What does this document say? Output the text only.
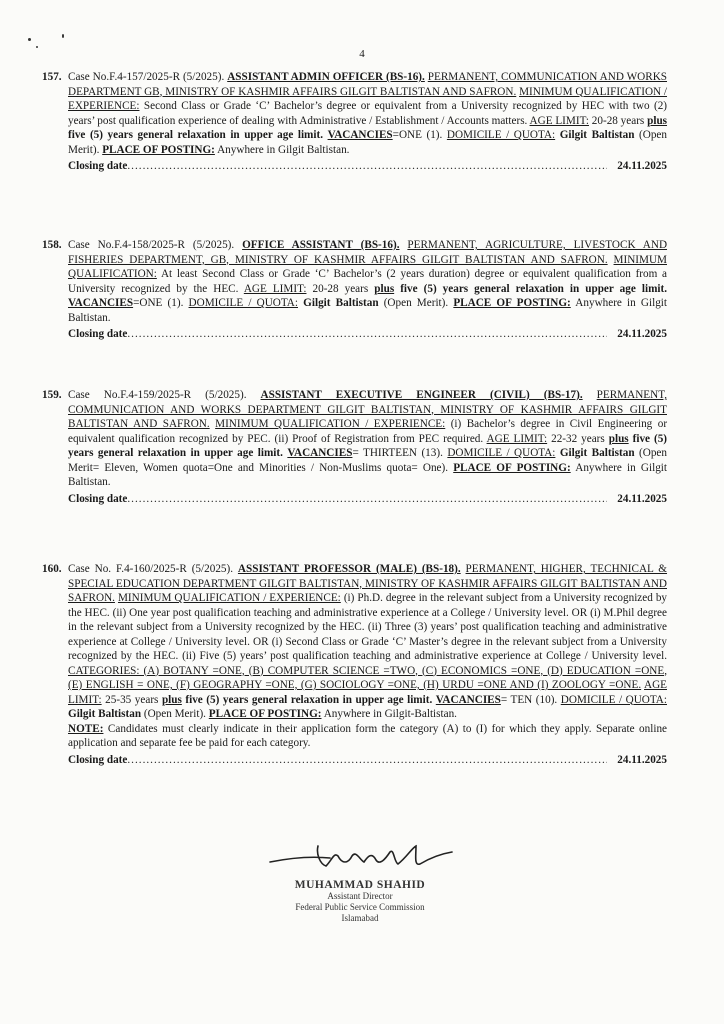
4
157. Case No.F.4-157/2025-R (5/2025). ASSISTANT ADMIN OFFICER (BS-16). PERMANENT, COMMUNICATION AND WORKS DEPARTMENT GB, MINISTRY OF KASHMIR AFFAIRS GILGIT BALTISTAN AND SAFRON. MINIMUM QUALIFICATION / EXPERIENCE: Second Class or Grade ‘C’ Bachelor’s degree or equivalent from a University recognized by HEC with two (2) years’ post qualification experience of dealing with Administrative / Establishment / Accounts matters. AGE LIMIT: 20-28 years plus five (5) years general relaxation in upper age limit. VACANCIES=ONE (1). DOMICILE / QUOTA: Gilgit Baltistan (Open Merit). PLACE OF POSTING: Anywhere in Gilgit Baltistan.
Closing date .....	24.11.2025
158. Case No.F.4-158/2025-R (5/2025). OFFICE ASSISTANT (BS-16). PERMANENT, AGRICULTURE, LIVESTOCK AND FISHERIES DEPARTMENT, GB, MINISTRY OF KASHMIR AFFAIRS GILGIT BALTISTAN AND SAFRON. MINIMUM QUALIFICATION: At least Second Class or Grade ‘C’ Bachelor’s (2 years duration) degree or equivalent qualification from a University recognized by the HEC. AGE LIMIT: 20-28 years plus five (5) years general relaxation in upper age limit. VACANCIES=ONE (1). DOMICILE / QUOTA: Gilgit Baltistan (Open Merit). PLACE OF POSTING: Anywhere in Gilgit Baltistan.
Closing date .....	24.11.2025
159. Case No.F.4-159/2025-R (5/2025). ASSISTANT EXECUTIVE ENGINEER (CIVIL) (BS-17). PERMANENT, COMMUNICATION AND WORKS DEPARTMENT GILGIT BALTISTAN, MINISTRY OF KASHMIR AFFAIRS GILGIT BALTISTAN AND SAFRON. MINIMUM QUALIFICATION / EXPERIENCE: (i) Bachelor’s degree in Civil Engineering or equivalent qualification recognized by PEC. (ii) Proof of Registration from PEC required. AGE LIMIT: 22-32 years plus five (5) years general relaxation in upper age limit. VACANCIES= THIRTEEN (13). DOMICILE / QUOTA: Gilgit Baltistan (Open Merit= Eleven, Women quota=One and Minorities / Non-Muslims quota= One). PLACE OF POSTING: Anywhere in Gilgit Baltistan.
Closing date .....	24.11.2025
160. Case No. F.4-160/2025-R (5/2025). ASSISTANT PROFESSOR (MALE) (BS-18). PERMANENT, HIGHER, TECHNICAL & SPECIAL EDUCATION DEPARTMENT GILGIT BALTISTAN, MINISTRY OF KASHMIR AFFAIRS GILGIT BALTISTAN AND SAFRON. MINIMUM QUALIFICATION / EXPERIENCE: (i) Ph.D. degree in the relevant subject from a University recognized by the HEC. (ii) One year post qualification teaching and administrative experience at a College / University level. OR (i) M.Phil degree in the relevant subject from a University recognized by the HEC. (ii) Three (3) years’ post qualification teaching and administrative experience at College / University level. OR (i) Second Class or Grade ‘C’ Master’s degree in the relevant subject from a University recognized by the HEC. (ii) Five (5) years’ post qualification teaching and administrative experience at College / University level. CATEGORIES: (A) BOTANY =ONE, (B) COMPUTER SCIENCE =TWO, (C) ECONOMICS =ONE, (D) EDUCATION =ONE, (E) ENGLISH = ONE, (F) GEOGRAPHY =ONE, (G) SOCIOLOGY =ONE, (H) URDU =ONE AND (I) ZOOLOGY =ONE. AGE LIMIT: 25-35 years plus five (5) years general relaxation in upper age limit. VACANCIES= TEN (10). DOMICILE / QUOTA: Gilgit Baltistan (Open Merit). PLACE OF POSTING: Anywhere in Gilgit-Baltistan.
NOTE: Candidates must clearly indicate in their application form the category (A) to (I) for which they apply. Separate online application and separate fee be paid for each category.
Closing date .....	24.11.2025
MUHAMMAD SHAHID
Assistant Director
Federal Public Service Commission
Islamabad
